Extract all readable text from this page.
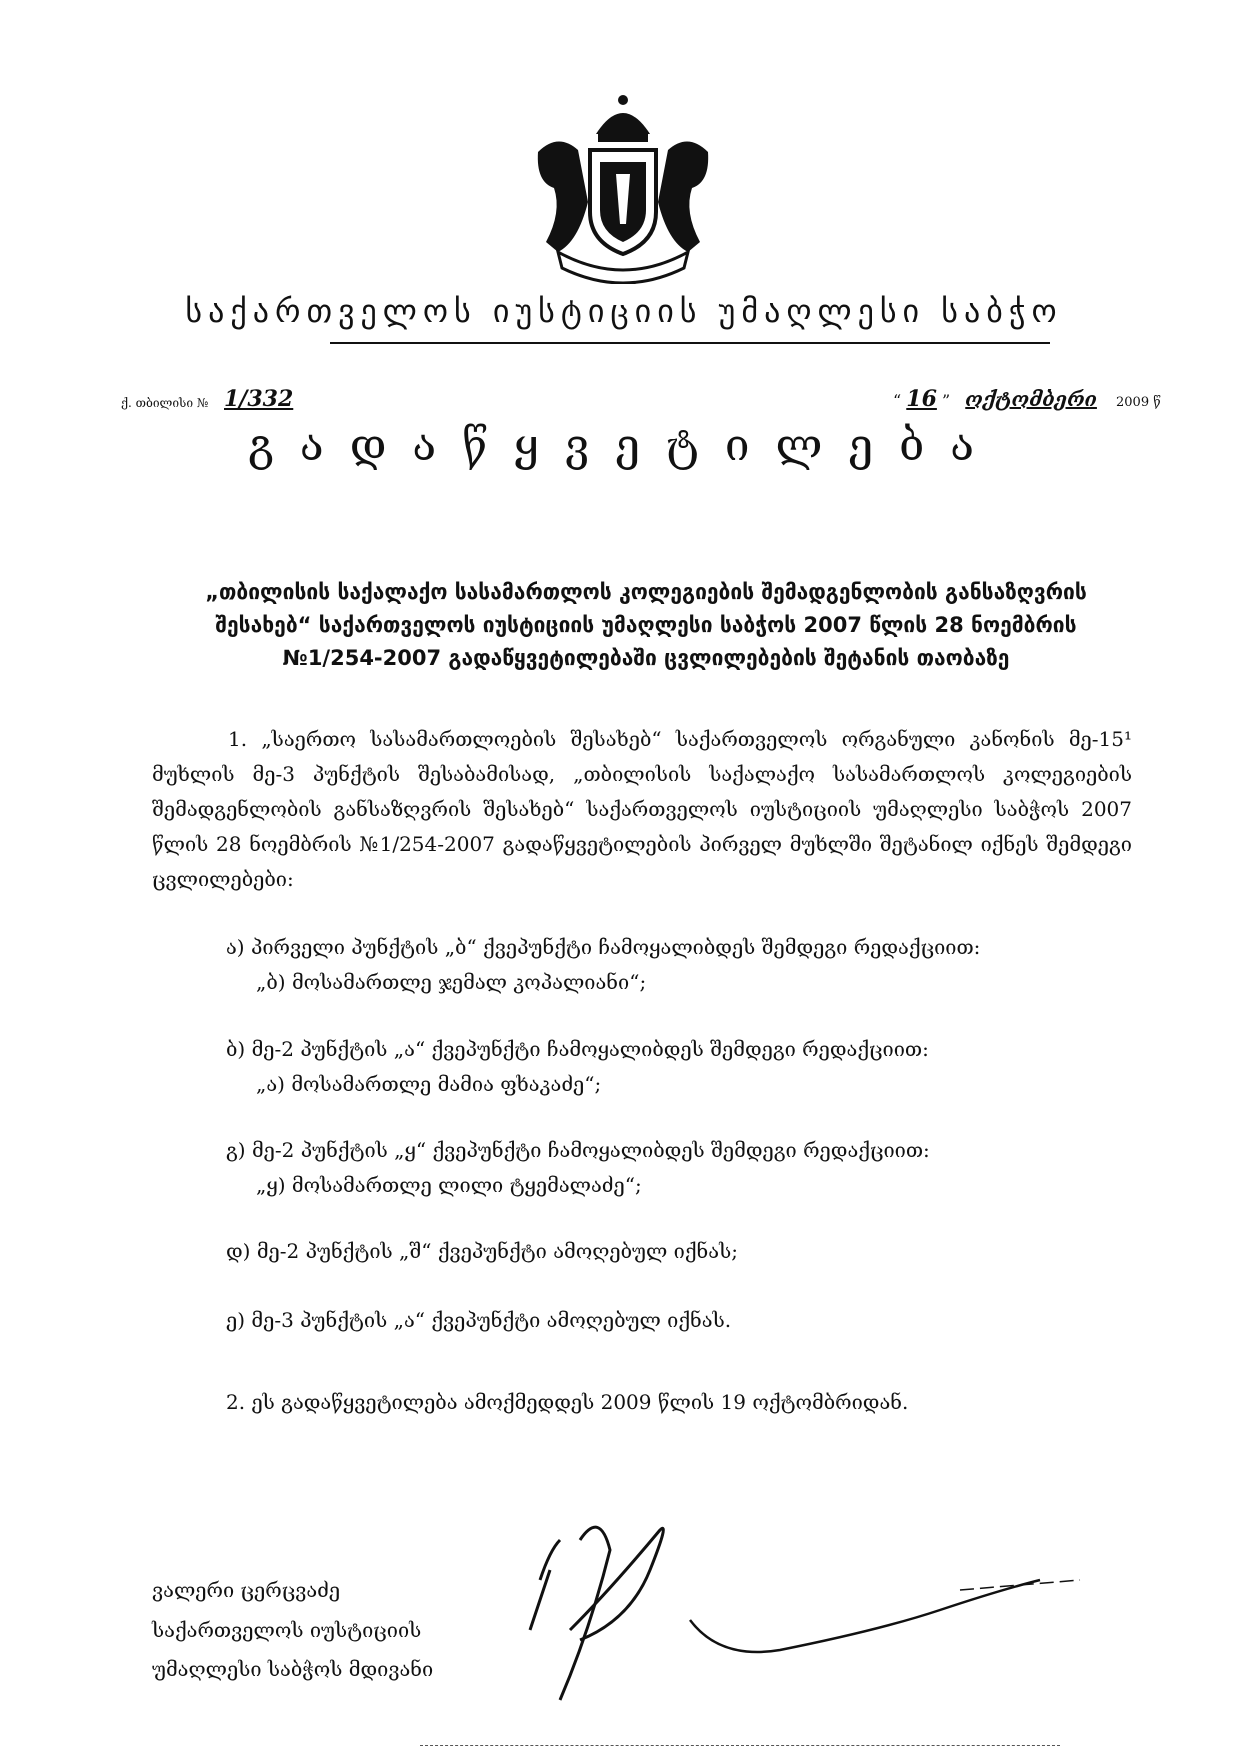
საქართველოს იუსტიციის უმაღლესი საბჭო
ქ. თბილისი № 1/332	“ 16 ” ოქტომბერი 2009 წ
გადაწყვეტილება
„თბილისის საქალაქო სასამართლოს კოლეგიების შემადგენლობის განსაზღვრის შესახებ“ საქართველოს იუსტიციის უმაღლესი საბჭოს 2007 წლის 28 ნოემბრის №1/254-2007 გადაწყვეტილებაში ცვლილებების შეტანის თაობაზე
1. „საერთო სასამართლოების შესახებ“ საქართველოს ორგანული კანონის მე-15¹ მუხლის მე-3 პუნქტის შესაბამისად, „თბილისის საქალაქო სასამართლოს კოლეგიების შემადგენლობის განსაზღვრის შესახებ“ საქართველოს იუსტიციის უმაღლესი საბჭოს 2007 წლის 28 ნოემბრის №1/254-2007 გადაწყვეტილების პირველ მუხლში შეტანილ იქნეს შემდეგი ცვლილებები:
ა) პირველი პუნქტის „ბ“ ქვეპუნქტი ჩამოყალიბდეს შემდეგი რედაქციით:
„ბ) მოსამართლე ჯემალ კოპალიანი“;
ბ) მე-2 პუნქტის „ა“ ქვეპუნქტი ჩამოყალიბდეს შემდეგი რედაქციით:
„ა) მოსამართლე მამია ფხაკაძე“;
გ) მე-2 პუნქტის „ყ“ ქვეპუნქტი ჩამოყალიბდეს შემდეგი რედაქციით:
„ყ) მოსამართლე ლილი ტყემალაძე“;
დ) მე-2 პუნქტის „შ“ ქვეპუნქტი ამოღებულ იქნას;
ე) მე-3 პუნქტის „ა“ ქვეპუნქტი ამოღებულ იქნას.
2. ეს გადაწყვეტილება ამოქმედდეს 2009 წლის 19 ოქტომბრიდან.
ვალერი ცერცვაძე
საქართველოს იუსტიციის
უმაღლესი საბჭოს მდივანი
